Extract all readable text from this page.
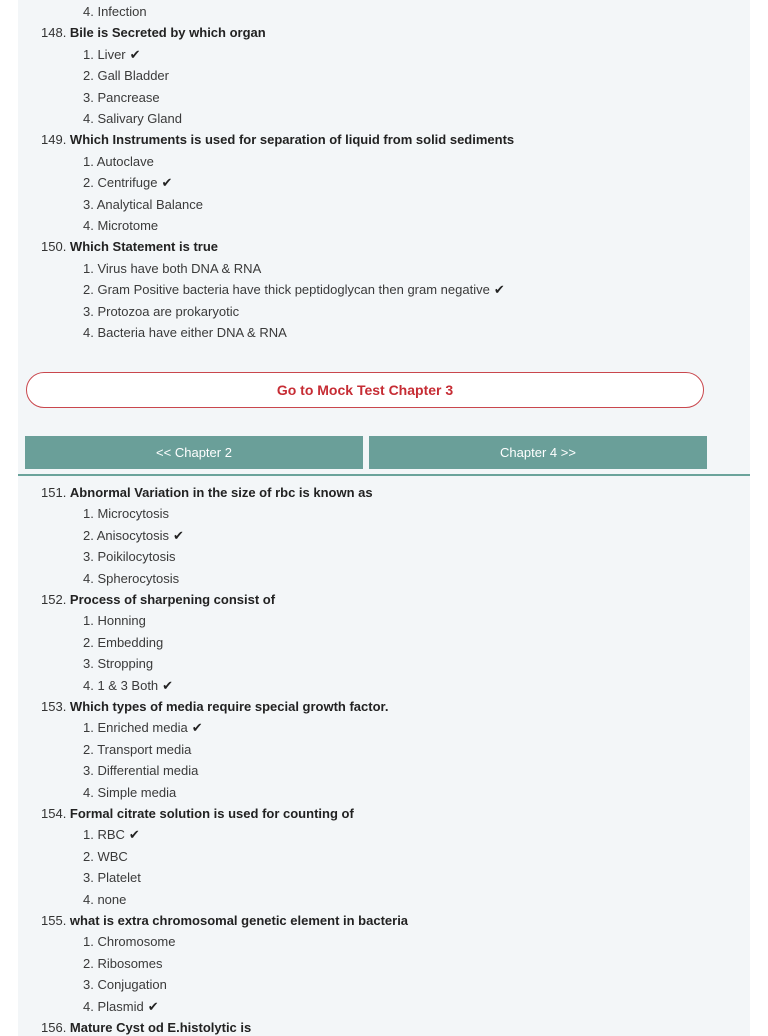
4. Infection
148. Bile is Secreted by which organ
1. Liver ✔
2. Gall Bladder
3. Pancrease
4. Salivary Gland
149. Which Instruments is used for separation of liquid from solid sediments
1. Autoclave
2. Centrifuge ✔
3. Analytical Balance
4. Microtome
150. Which Statement is true
1. Virus have both DNA & RNA
2. Gram Positive bacteria have thick peptidoglycan then gram negative ✔
3. Protozoa are prokaryotic
4. Bacteria have either DNA & RNA
151. Abnormal Variation in the size of rbc is known as
1. Microcytosis
2. Anisocytosis ✔
3. Poikilocytosis
4. Spherocytosis
152. Process of sharpening consist of
1. Honning
2. Embedding
3. Stropping
4. 1 & 3 Both ✔
153. Which types of media require special growth factor.
1. Enriched media ✔
2. Transport media
3. Differential media
4. Simple media
154. Formal citrate solution is used for counting of
1. RBC ✔
2. WBC
3. Platelet
4. none
155. what is extra chromosomal genetic element in bacteria
1. Chromosome
2. Ribosomes
3. Conjugation
4. Plasmid ✔
156. Mature Cyst od E.histolytic is
Go to Mock Test Chapter 3
<< Chapter 2	Chapter 4 >>
